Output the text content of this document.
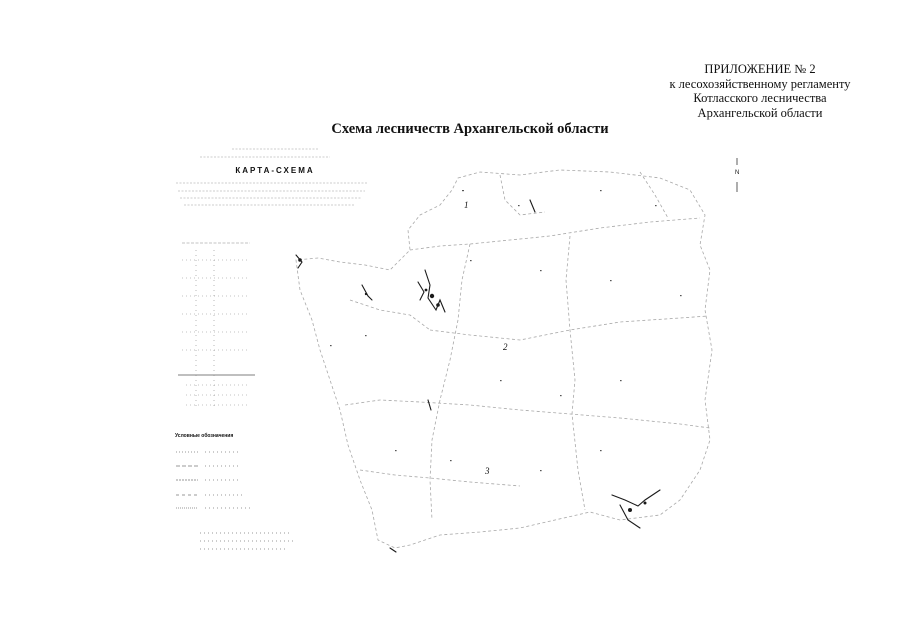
ПРИЛОЖЕНИЕ № 2
к лесохозяйственному регламенту
Котласского лесничества
Архангельской области
Схема лесничеств Архангельской области
КАРТА-СХЕМА
Условные обозначения
1
2
3
N
